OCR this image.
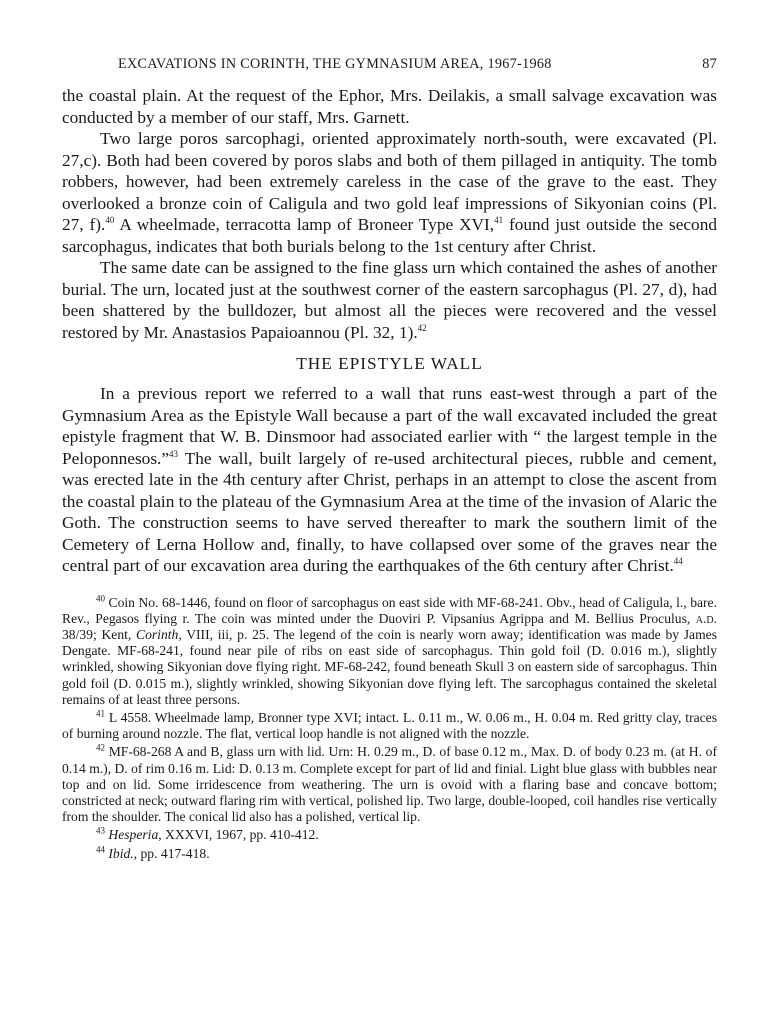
EXCAVATIONS IN CORINTH, THE GYMNASIUM AREA, 1967-1968	87

the coastal plain. At the request of the Ephor, Mrs. Deilakis, a small salvage excavation was conducted by a member of our staff, Mrs. Garnett.

Two large poros sarcophagi, oriented approximately north-south, were excavated (Pl. 27,c). Both had been covered by poros slabs and both of them pillaged in antiquity. The tomb robbers, however, had been extremely careless in the case of the grave to the east. They overlooked a bronze coin of Caligula and two gold leaf impressions of Sikyonian coins (Pl. 27, f).$^{40}$ A wheelmade, terracotta lamp of Broneer Type XVI,$^{41}$ found just outside the second sarcophagus, indicates that both burials belong to the 1st century after Christ.

The same date can be assigned to the fine glass urn which contained the ashes of another burial. The urn, located just at the southwest corner of the eastern sarcophagus (Pl. 27, d), had been shattered by the bulldozer, but almost all the pieces were recovered and the vessel restored by Mr. Anastasios Papaioannou (Pl. 32, 1).$^{42}$

THE EPISTYLE WALL

In a previous report we referred to a wall that runs east-west through a part of the Gymnasium Area as the Epistyle Wall because a part of the wall excavated included the great epistyle fragment that W. B. Dinsmoor had associated earlier with “ the largest temple in the Peloponnesos.”$^{43}$ The wall, built largely of re-used architectural pieces, rubble and cement, was erected late in the 4th century after Christ, perhaps in an attempt to close the ascent from the coastal plain to the plateau of the Gymnasium Area at the time of the invasion of Alaric the Goth. The construction seems to have served thereafter to mark the southern limit of the Cemetery of Lerna Hollow and, finally, to have collapsed over some of the graves near the central part of our excavation area during the earthquakes of the 6th century after Christ.$^{44}$

$^{40}$ Coin No. 68-1446, found on floor of sarcophagus on east side with MF-68-241. Obv., head of Caligula, l., bare. Rev., Pegasos flying r. The coin was minted under the Duoviri P. Vipsanius Agrippa and M. Bellius Proculus, a.d. 38/39; Kent, Corinth, VIII, iii, p. 25. The legend of the coin is nearly worn away; identification was made by James Dengate. MF-68-241, found near pile of ribs on east side of sarcophagus. Thin gold foil (D. 0.016 m.), slightly wrinkled, showing Sikyonian dove flying right. MF-68-242, found beneath Skull 3 on eastern side of sarcophagus. Thin gold foil (D. 0.015 m.), slightly wrinkled, showing Sikyonian dove flying left. The sarcophagus contained the skeletal remains of at least three persons.

$^{41}$ L 4558. Wheelmade lamp, Bronner type XVI; intact. L. 0.11 m., W. 0.06 m., H. 0.04 m. Red gritty clay, traces of burning around nozzle. The flat, vertical loop handle is not aligned with the nozzle.

$^{42}$ MF-68-268 A and B, glass urn with lid. Urn: H. 0.29 m., D. of base 0.12 m., Max. D. of body 0.23 m. (at H. of 0.14 m.), D. of rim 0.16 m. Lid: D. 0.13 m. Complete except for part of lid and finial. Light blue glass with bubbles near top and on lid. Some irridescence from weathering. The urn is ovoid with a flaring base and concave bottom; constricted at neck; outward flaring rim with vertical, polished lip. Two large, double-looped, coil handles rise vertically from the shoulder. The conical lid also has a polished, vertical lip.

$^{43}$ Hesperia, XXXVI, 1967, pp. 410-412.

$^{44}$ Ibid., pp. 417-418.
